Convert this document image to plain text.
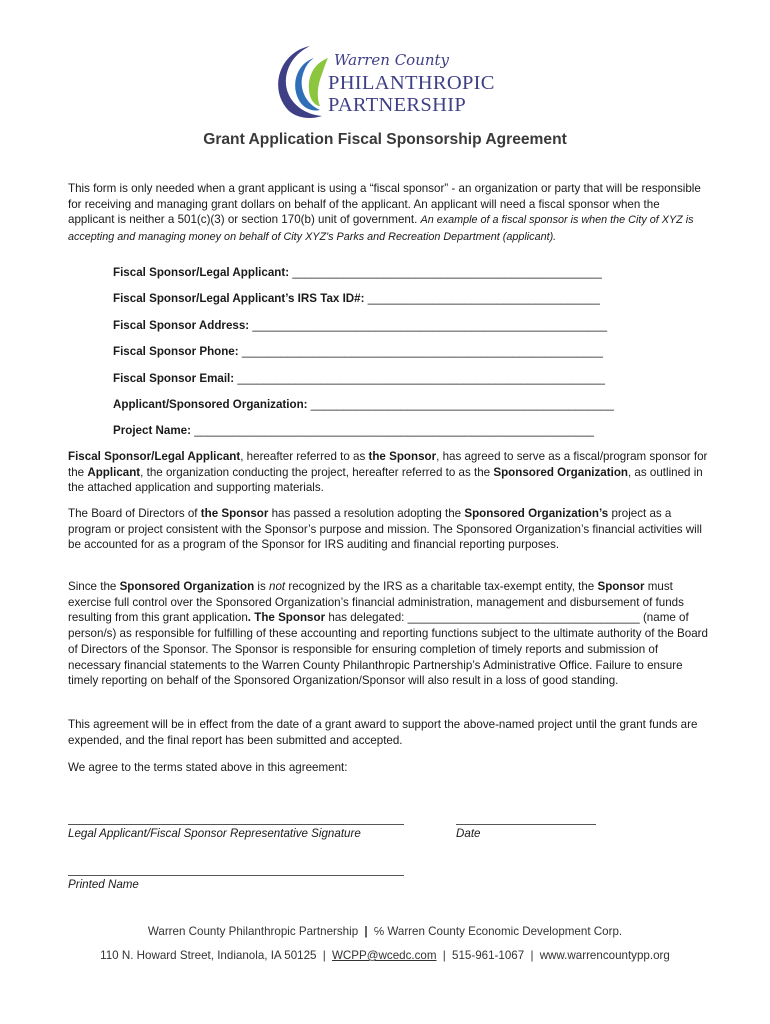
Warren County
PHILANTHROPIC
PARTNERSHIP
Grant Application Fiscal Sponsorship Agreement

This form is only needed when a grant applicant is using a “fiscal sponsor” - an organization or party that will be responsible for receiving and managing grant dollars on behalf of the applicant. An applicant will need a fiscal sponsor when the applicant is neither a 501(c)(3) or section 170(b) unit of government. An example of a fiscal sponsor is when the City of XYZ is accepting and managing money on behalf of City XYZ's Parks and Recreation Department (applicant).

Fiscal Sponsor/Legal Applicant: ________________________________________________
Fiscal Sponsor/Legal Applicant’s IRS Tax ID#: ____________________________________
Fiscal Sponsor Address: _______________________________________________________
Fiscal Sponsor Phone: ________________________________________________________
Fiscal Sponsor Email: _________________________________________________________
Applicant/Sponsored Organization: _______________________________________________
Project Name: ______________________________________________________________

Fiscal Sponsor/Legal Applicant, hereafter referred to as the Sponsor, has agreed to serve as a fiscal/program sponsor for the Applicant, the organization conducting the project, hereafter referred to as the Sponsored Organization, as outlined in the attached application and supporting materials.

The Board of Directors of the Sponsor has passed a resolution adopting the Sponsored Organization’s project as a program or project consistent with the Sponsor’s purpose and mission. The Sponsored Organization’s financial activities will be accounted for as a program of the Sponsor for IRS auditing and financial reporting purposes.

Since the Sponsored Organization is not recognized by the IRS as a charitable tax-exempt entity, the Sponsor must exercise full control over the Sponsored Organization’s financial administration, management and disbursement of funds resulting from this grant application. The Sponsor has delegated: ____________________________________ (name of person/s) as responsible for fulfilling of these accounting and reporting functions subject to the ultimate authority of the Board of Directors of the Sponsor. The Sponsor is responsible for ensuring completion of timely reports and submission of necessary financial statements to the Warren County Philanthropic Partnership’s Administrative Office. Failure to ensure timely reporting on behalf of the Sponsored Organization/Sponsor will also result in a loss of good standing.

This agreement will be in effect from the date of a grant award to support the above-named project until the grant funds are expended, and the final report has been submitted and accepted.

We agree to the terms stated above in this agreement:

Legal Applicant/Fiscal Sponsor Representative Signature	Date
Printed Name
Warren County Philanthropic Partnership | ℅ Warren County Economic Development Corp.
110 N. Howard Street, Indianola, IA 50125 | WCPP@wcedc.com | 515-961-1067 | www.warrencountypp.org
